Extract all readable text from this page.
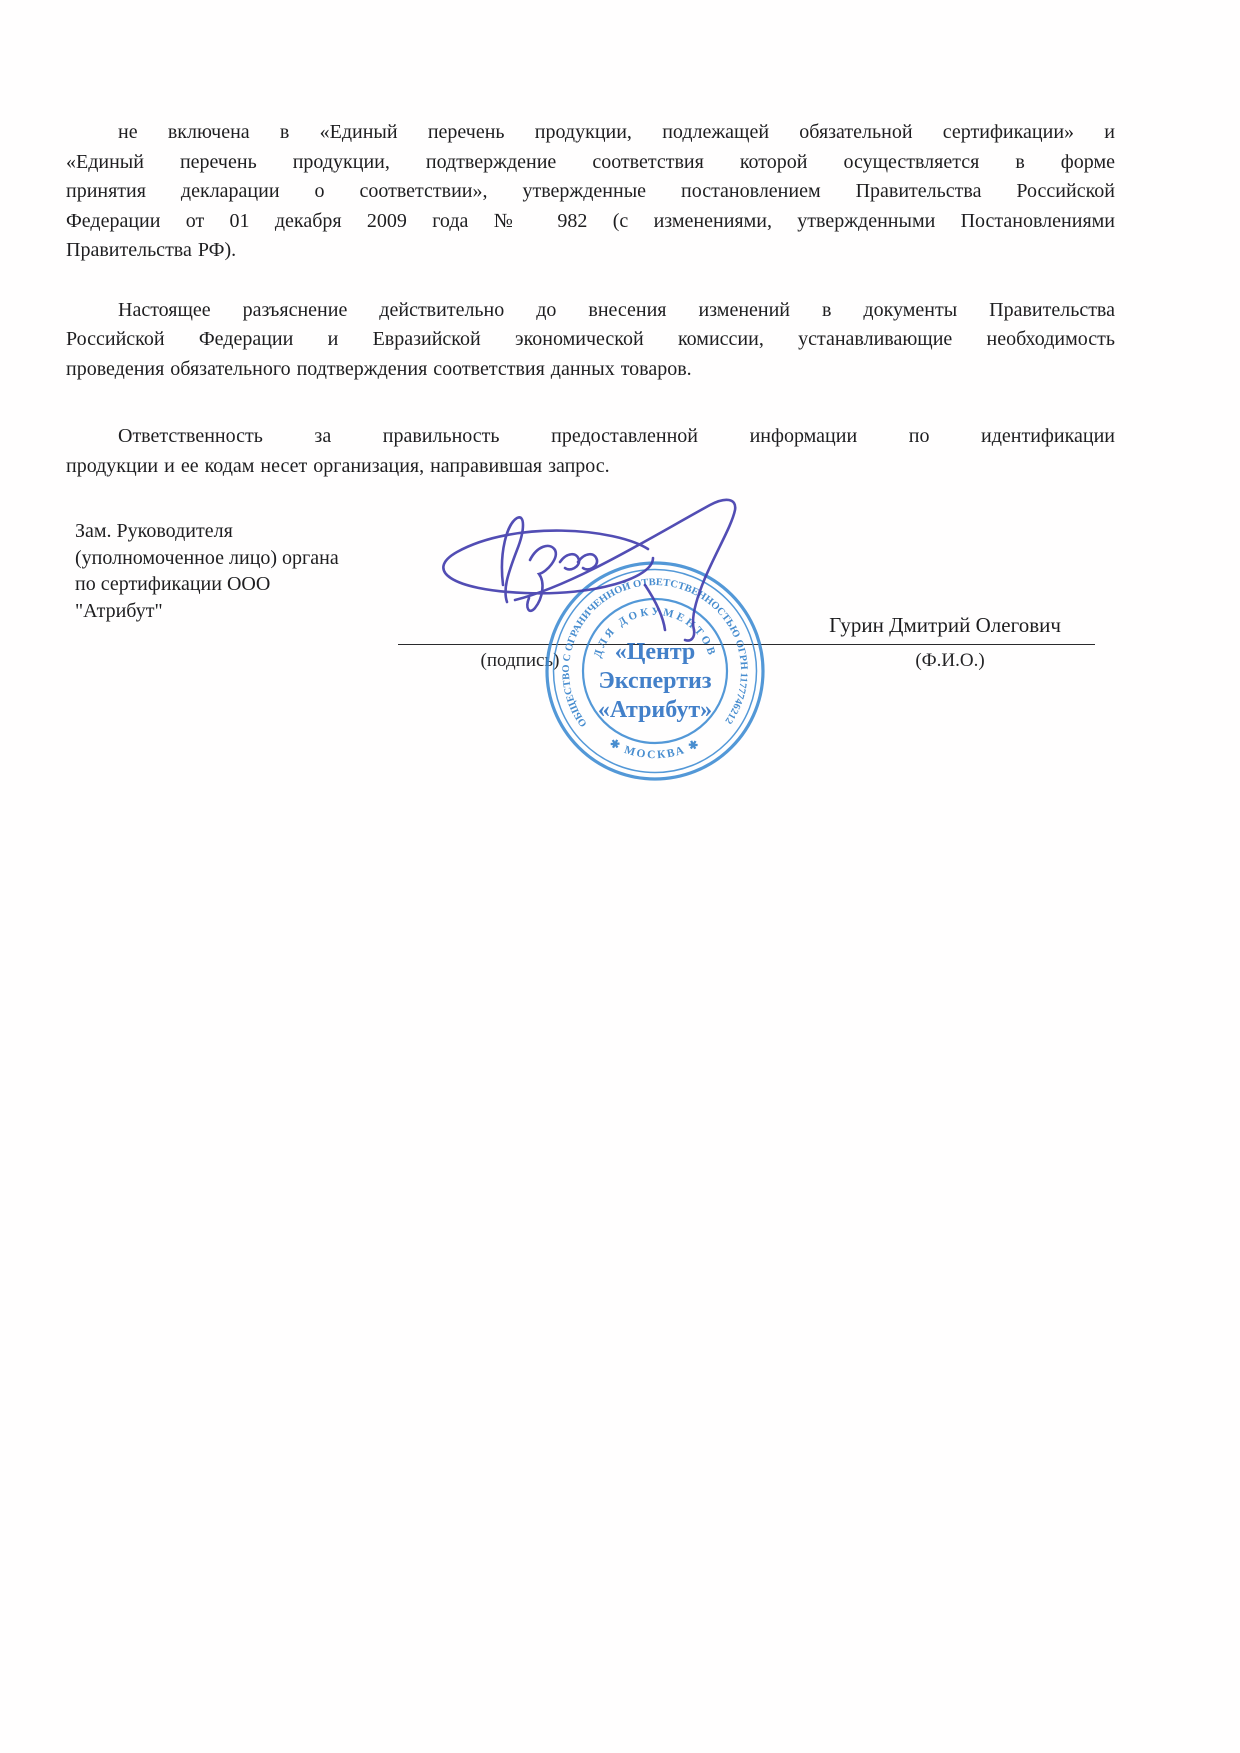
не включена в «Единый перечень продукции, подлежащей обязательной сертификации» и
«Единый перечень продукции, подтверждение соответствия которой осуществляется в форме
принятия декларации о соответствии», утвержденные постановлением Правительства Российской
Федерации от 01 декабря 2009 года № 982 (с изменениями, утвержденными Постановлениями
Правительства РФ).

Настоящее разъяснение действительно до внесения изменений в документы Правительства
Российской Федерации и Евразийской экономической комиссии, устанавливающие необходимость
проведения обязательного подтверждения соответствия данных товаров.

Ответственность за правильность предоставленной информации по идентификации
продукции и ее кодам несет организация, направившая запрос.

Зам. Руководителя
(уполномоченное лицо) органа
по сертификации ООО
"Атрибут"
Гурин Дмитрий Олегович
(подпись)	(Ф.И.О.)
ОБЩЕСТВО С ОГРАНИЧЕННОЙ ОТВЕТСТВЕННОСТЬЮ ОГРН 1177746212
✱ МОСКВА ✱
ДЛЯ ДОКУМЕНТОВ
«Центр
Экспертиз
«Атрибут»
